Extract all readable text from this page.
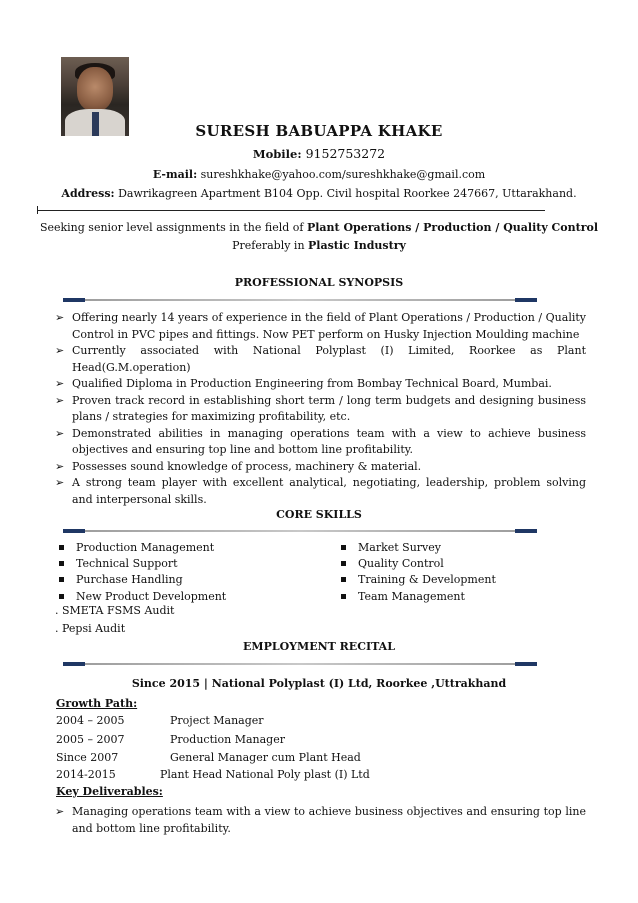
SURESH BABUAPPA KHAKE
Mobile: 9152753272
E-mail: sureshkhake@yahoo.com/sureshkhake@gmail.com
Address: Dawrikagreen Apartment B104 Opp. Civil hospital Roorkee 247667, Uttarakhand.
Seeking senior level assignments in the field of Plant Operations / Production / Quality Control
Preferably in Plastic Industry
PROFESSIONAL SYNOPSIS
➢ Offering nearly 14 years of experience in the field of Plant Operations / Production / Quality Control in PVC pipes and fittings. Now PET perform on Husky Injection Moulding machine
➢ Currently associated with National Polyplast (I) Limited, Roorkee as Plant Head(G.M.operation)
➢ Qualified Diploma in Production Engineering from Bombay Technical Board, Mumbai.
➢ Proven track record in establishing short term / long term budgets and designing business plans / strategies for maximizing profitability, etc.
➢ Demonstrated abilities in managing operations team with a view to achieve business objectives and ensuring top line and bottom line profitability.
➢ Possesses sound knowledge of process, machinery & material.
➢ A strong team player with excellent analytical, negotiating, leadership, problem solving and interpersonal skills.
CORE SKILLS
Production Management
Technical Support
Purchase Handling
New Product Development
Market Survey
Quality Control
Training & Development
Team Management
. SMETA FSMS Audit
. Pepsi Audit
EMPLOYMENT RECITAL
Since 2015 | National Polyplast (I) Ltd, Roorkee ,Uttrakhand
Growth Path:
2004 – 2005	Project Manager
2005 – 2007	Production Manager
Since 2007	General Manager cum Plant Head
2014-2015	Plant Head National Poly plast (I) Ltd
Key Deliverables:
➢ Managing operations team with a view to achieve business objectives and ensuring top line and bottom line profitability.
